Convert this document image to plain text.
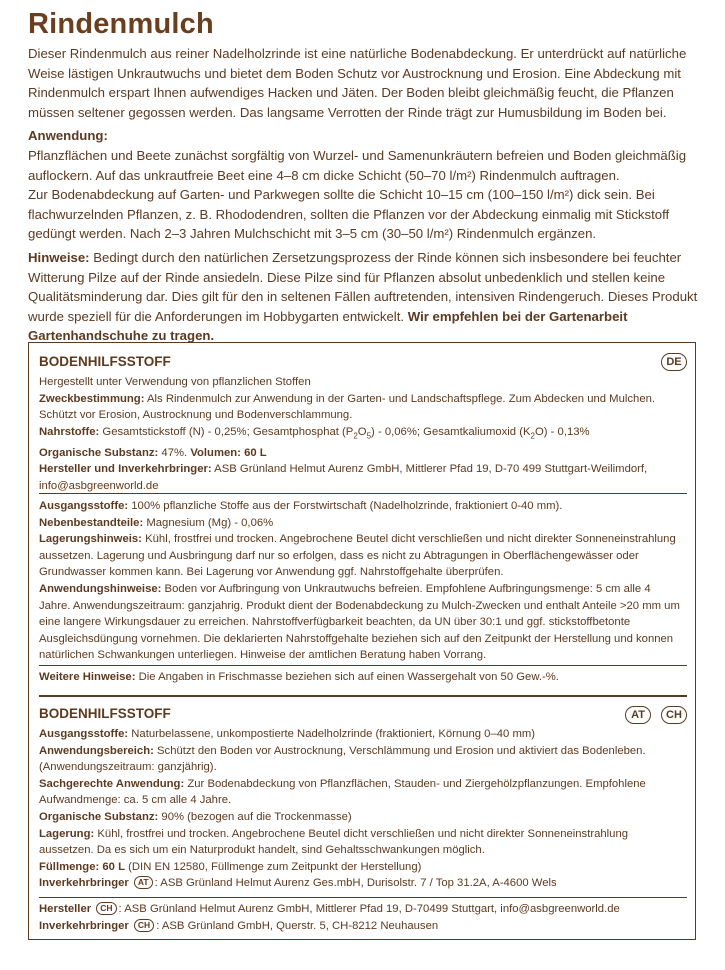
Rindenmulch

Dieser Rindenmulch aus reiner Nadelholzrinde ist eine natürliche Bodenabdeckung. Er unterdrückt auf natürliche Weise lästigen Unkrautwuchs und bietet dem Boden Schutz vor Austrocknung und Erosion. Eine Abdeckung mit Rindenmulch erspart Ihnen aufwendiges Hacken und Jäten. Der Boden bleibt gleichmäßig feucht, die Pflanzen müssen seltener gegossen werden. Das langsame Verrotten der Rinde trägt zur Humusbildung im Boden bei.

Anwendung:

Pflanzflächen und Beete zunächst sorgfältig von Wurzel- und Samenunkräutern befreien und Boden gleichmäßig auflockern. Auf das unkrautfreie Beet eine 4–8 cm dicke Schicht (50–70 l/m²) Rindenmulch auftragen.

Zur Bodenabdeckung auf Garten- und Parkwegen sollte die Schicht 10–15 cm (100–150 l/m²) dick sein. Bei flachwurzelnden Pflanzen, z. B. Rhododendren, sollten die Pflanzen vor der Abdeckung einmalig mit Stickstoff gedüngt werden. Nach 2–3 Jahren Mulchschicht mit 3–5 cm (30–50 l/m²) Rindenmulch ergänzen.

Hinweise: Bedingt durch den natürlichen Zersetzungsprozess der Rinde können sich insbesondere bei feuchter Witterung Pilze auf der Rinde ansiedeln. Diese Pilze sind für Pflanzen absolut unbedenklich und stellen keine Qualitätsminderung dar. Dies gilt für den in seltenen Fällen auftretenden, intensiven Rindengeruch. Dieses Produkt wurde speziell für die Anforderungen im Hobbygarten entwickelt. Wir empfehlen bei der Gartenarbeit Gartenhandschuhe zu tragen.

BODENHILFSSTOFF

Hergestellt unter Verwendung von pflanzlichen Stoffen

Zweckbestimmung: Als Rindenmulch zur Anwendung in der Garten- und Landschaftspflege. Zum Abdecken und Mulchen. Schützt vor Erosion, Austrocknung und Bodenverschlammung.

Nahrstoffe: Gesamtstickstoff (N) - 0,25%; Gesamtphosphat $(P_2O_5) - 0,06\%$; Gesamtkaliumoxid $(K_2O) - 0,13\%$

Organische Substanz: 47%. Volumen: 60 L

Hersteller und Inverkehrbringer: ASB Grünland Helmut Aurenz GmbH, Mittlerer Pfad 19, D-70 499 Stuttgart-Weilimdorf, info@asbgreenworld.de

DE

Ausgangsstoffe: 100% pflanzliche Stoffe aus der Forstwirtschaft (Nadelholzrinde, fraktioniert 0-40 mm).

Nebenbestandteile: Magnesium (Mg) - 0,06%

Lagerungshinweis: Kühl, frostfrei und trocken. Angebrochene Beutel dicht verschließen und nicht direkter Sonneneinstrahlung aussetzen. Lagerung und Ausbringung darf nur so erfolgen, dass es nicht zu Abtragungen in Oberflächengewässer oder Grundwasser kommen kann. Bei Lagerung vor Anwendung ggf. Nahrstoffgehalte überprüfen.

Anwendungshinweise: Boden vor Aufbringung von Unkrautwuchs befreien. Empfohlene Aufbringungsmenge: 5 cm alle 4 Jahre. Anwendungszeitraum: ganzjahrig. Produkt dient der Bodenabdeckung zu Mulch-Zwecken und enthalt Anteile >20 mm um eine langere Wirkungsdauer zu erreichen. Nahrstoffverfügbarkeit beachten, da UN über 30:1 und ggf. stickstoffbetonte Ausgleichsdüngung vornehmen. Die deklarierten Nahrstoffgehalte beziehen sich auf den Zeitpunkt der Herstellung und konnen natürlichen Schwankungen unterliegen. Hinweise der amtlichen Beratung haben Vorrang.

Weitere Hinweise: Die Angaben in Frischmasse beziehen sich auf einen Wassergehalt von 50 Gew.-%.

BODENHILFSSTOFF

Ausgangsstoffe: Naturbelassene, unkompostierte Nadelholzrinde (fraktioniert, Körnung 0–40 mm)

Anwendungsbereich: Schützt den Boden vor Austrocknung, Verschlämmung und Erosion und aktiviert das Bodenleben. (Anwendungszeitraum: ganzjährig).

Sachgerechte Anwendung: Zur Bodenabdeckung von Pflanzflächen, Stauden- und Ziergehölzpflanzungen. Empfohlene Aufwandmenge: ca. 5 cm alle 4 Jahre.

Organische Substanz: 90% (bezogen auf die Trockenmasse)

Lagerung: Kühl, frostfrei und trocken. Angebrochene Beutel dicht verschließen und nicht direkter Sonneneinstrahlung aussetzen. Da es sich um ein Naturprodukt handelt, sind Gehaltsschwankungen möglich.

Füllmenge: 60 L (DIN EN 12580, Füllmenge zum Zeitpunkt der Herstellung)

Inverkehrbringer AT : ASB Grünland Helmut Aurenz Ges.mbH, Durisolstr. 7 / Top 31.2A, A-4600 Wels

AT	CH

Hersteller CH : ASB Grünland Helmut Aurenz GmbH, Mittlerer Pfad 19, D-70499 Stuttgart, info@asbgreenworld.de

Inverkehrbringer CH : ASB Grünland GmbH, Querstr. 5, CH-8212 Neuhausen
